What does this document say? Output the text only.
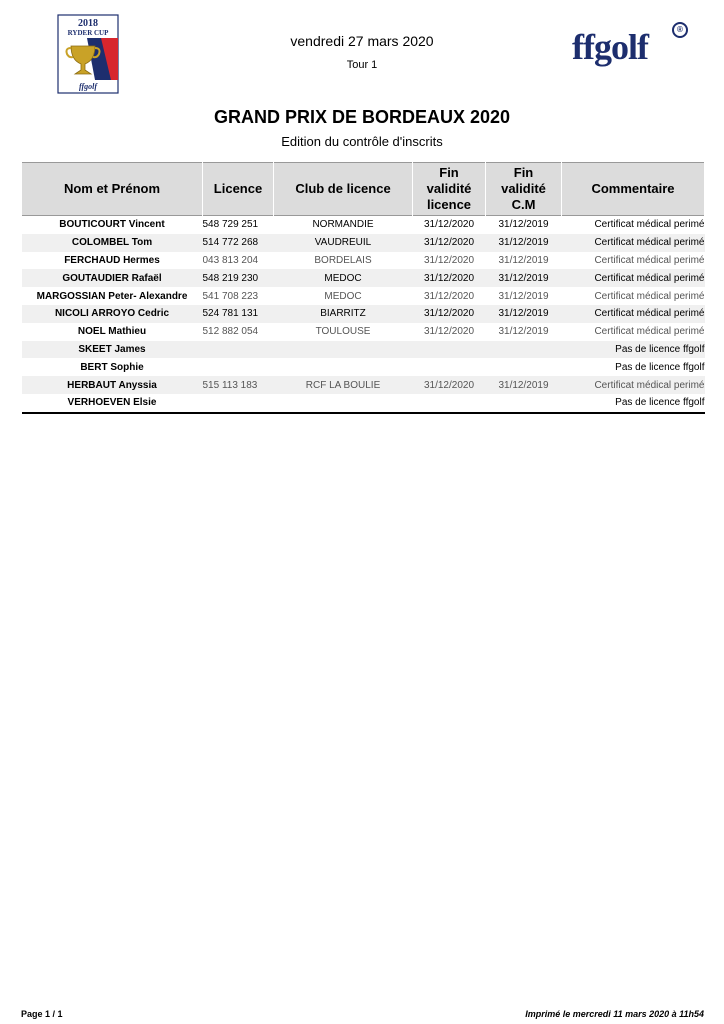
2018
RYDER CUP
ffgolf
vendredi 27 mars 2020
Tour 1	ffgolf	®
GRAND PRIX DE BORDEAUX 2020
Edition du contrôle d'inscrits
Nom et Prénom	Licence	Club de licence	Fin validité licence	Fin validité C.M	Commentaire
BOUTICOURT Vincent	548 729 251	NORMANDIE	31/12/2020	31/12/2019	Certificat médical perimé
COLOMBEL Tom	514 772 268	VAUDREUIL	31/12/2020	31/12/2019	Certificat médical perimé
FERCHAUD Hermes	043 813 204	BORDELAIS	31/12/2020	31/12/2019	Certificat médical perimé
GOUTAUDIER Rafaël	548 219 230	MEDOC	31/12/2020	31/12/2019	Certificat médical perimé
MARGOSSIAN Peter- Alexandre	541 708 223	MEDOC	31/12/2020	31/12/2019	Certificat médical perimé
NICOLI ARROYO Cedric	524 781 131	BIARRITZ	31/12/2020	31/12/2019	Certificat médical perimé
NOEL Mathieu	512 882 054	TOULOUSE	31/12/2020	31/12/2019	Certificat médical perimé
SKEET James					Pas de licence ffgolf
BERT Sophie					Pas de licence ffgolf
HERBAUT Anyssia	515 113 183	RCF LA BOULIE	31/12/2020	31/12/2019	Certificat médical perimé
VERHOEVEN Elsie					Pas de licence ffgolf
Page 1 / 1	Imprimé le mercredi 11 mars 2020 à 11h54
